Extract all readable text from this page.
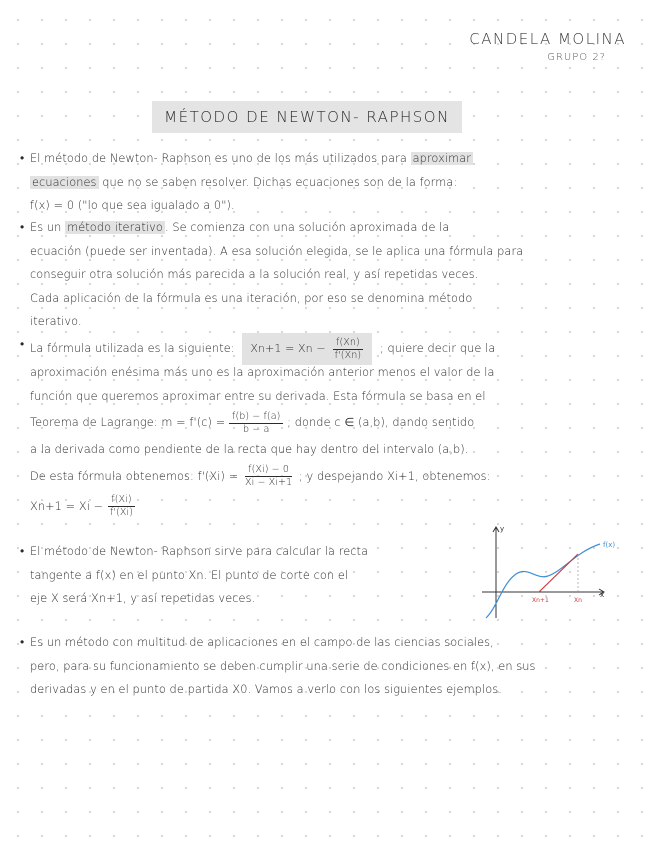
CANDELA MOLINA
GRUPO 2?
MÉTODO DE NEWTON- RAPHSON
• El método de Newton- Raphson es uno de los más utilizados para aproximar
ecuaciones que no se saben resolver. Dichas ecuaciones son de la forma:
f(x) = 0 ("lo que sea igualado a 0").
• Es un método iterativo . Se comienza con una solución aproximada de la
ecuación (puede ser inventada). A esa solución elegida, se le aplica una fórmula para
conseguir otra solución más parecida a la solución real, y así repetidas veces.
Cada aplicación de la fórmula es una iteración, por eso se denomina método
iterativo.
• La fórmula utilizada es la siguiente: $Xn+1 = Xn - \frac{f(Xn)}{f'(Xn)}$ ; quiere decir que la
aproximación enésima más uno es la aproximación anterior menos el valor de la
función que queremos aproximar entre su derivada. Esta fórmula se basa en el
Teorema de Lagrange: $m = f'(c) = \frac{f(b) - f(a)}{b - a}$ ; donde c ∈ (a,b), dando sentido
a la derivada como pendiente de la recta que hay dentro del intervalo (a,b).
De esta fórmula obtenemos: $f'(Xi) = \frac{f(Xi) - 0}{Xi - Xi+1}$ ; y despejando Xi+1, obtenemos:
$Xn+1 = Xi - \frac{f(Xi)}{f'(Xi)}$
• El método de Newton- Raphson sirve para calcular la recta
tangente a f(x) en el punto Xn. El punto de corte con el
eje X será Xn+1, y así repetidas veces.
y
x
f(x)
Xn+1	Xn
• Es un método con multitud de aplicaciones en el campo de las ciencias sociales,
pero, para su funcionamiento se deben cumplir una serie de condiciones en f(x), en sus
derivadas y en el punto de partida X0. Vamos a verlo con los siguientes ejemplos.
